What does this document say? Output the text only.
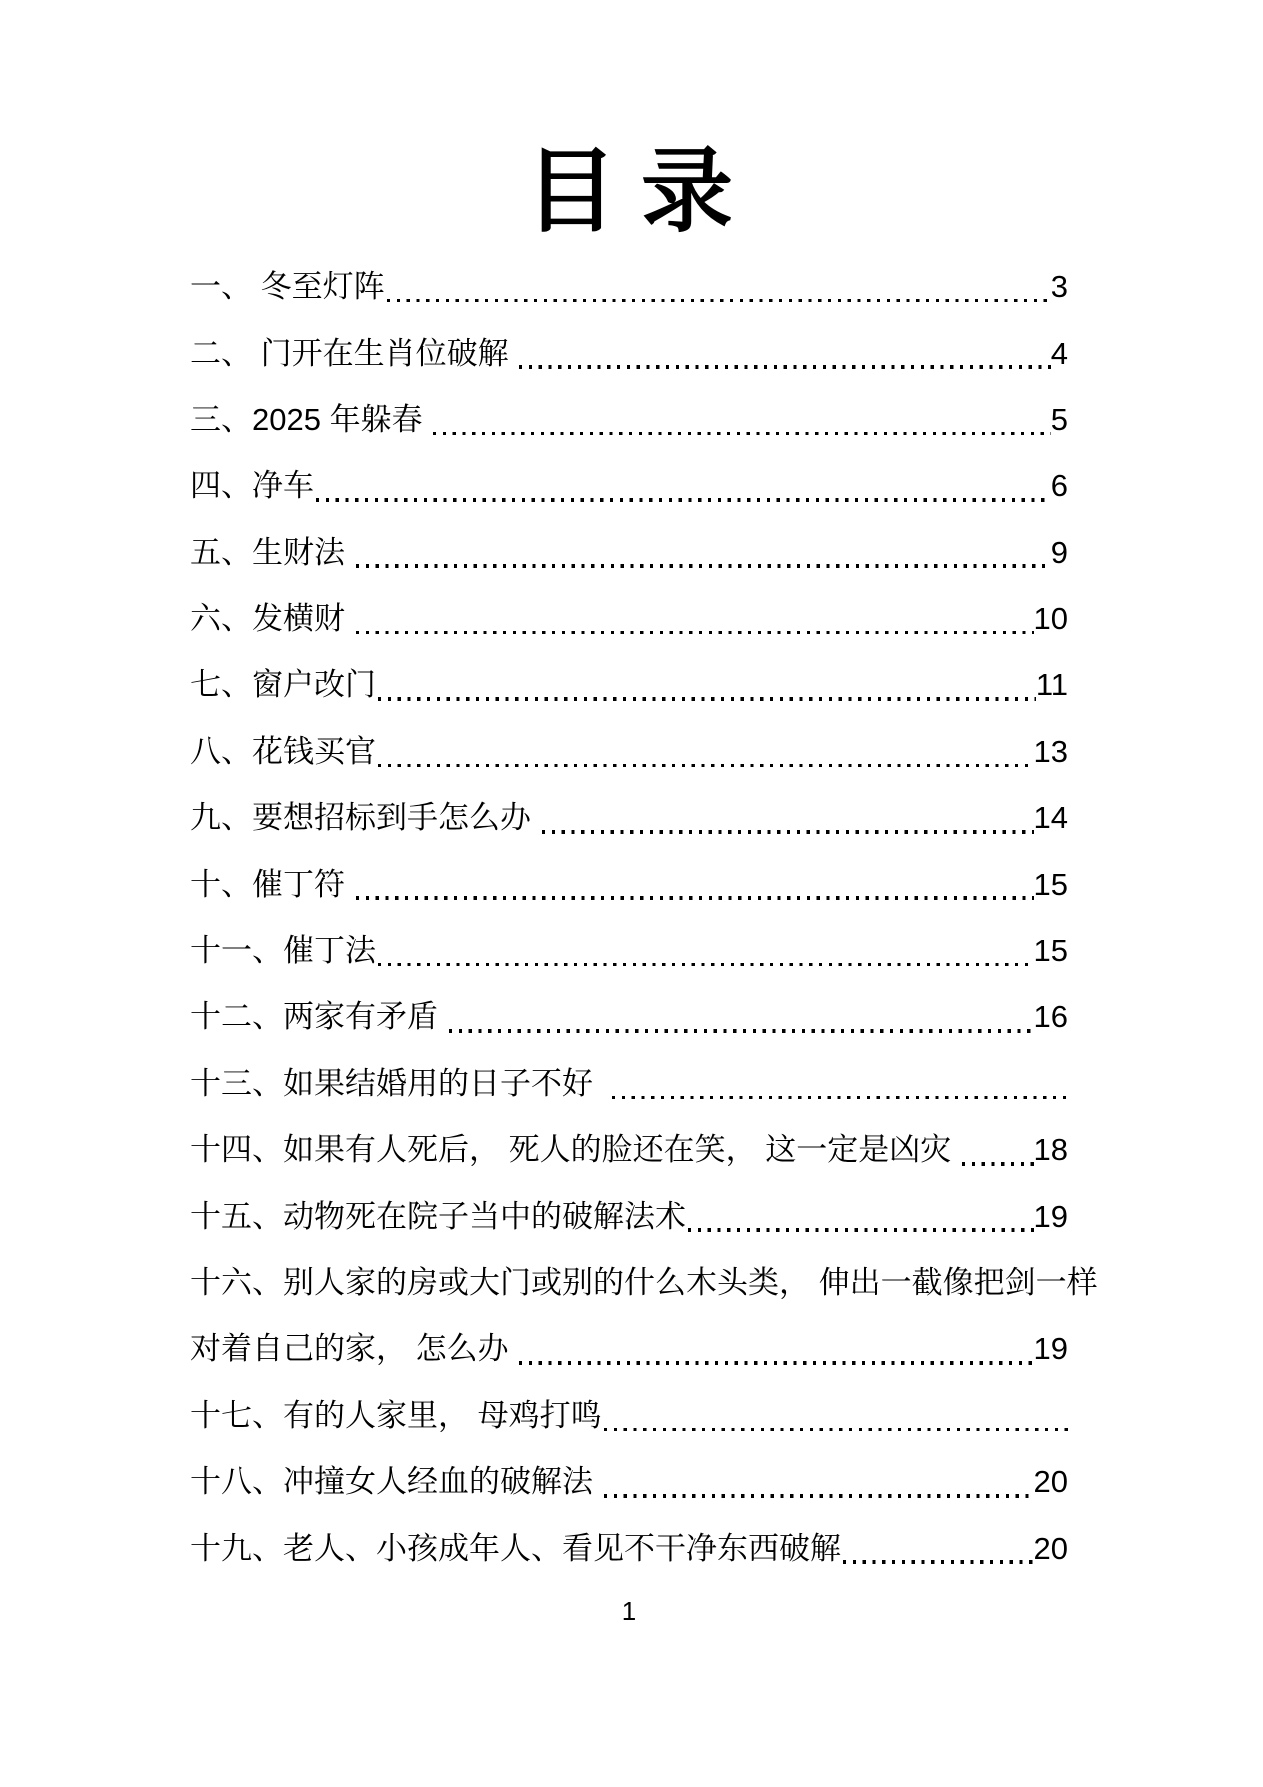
目录
一、 冬至灯阵	3
二、 门开在生肖位破解	4
三、2025 年躲春	5
四、净车	6
五、生财法	9
六、发横财	10
七、窗户改门	11
八、花钱买官	13
九、要想招标到手怎么办	14
十、催丁符	15
十一、催丁法	15
十二、两家有矛盾	16
十三、如果结婚用的日子不好
十四、如果有人死后， 死人的脸还在笑， 这一定是凶灾 18
十五、动物死在院子当中的破解法术	19
十六、别人家的房或大门或别的什么木头类， 伸出一截像把剑一样
对着自己的家， 怎么办	19
十七、有的人家里， 母鸡打鸣
十八、冲撞女人经血的破解法	20
十九、老人、小孩成年人、看见不干净东西破解	20
1
